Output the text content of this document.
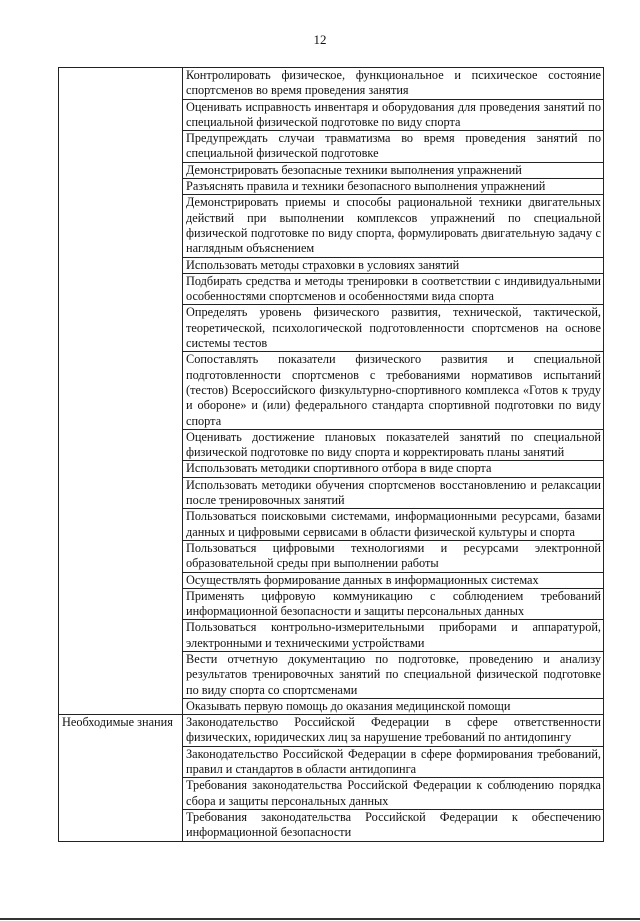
12
	Контролировать физическое, функциональное и психическое состояние спортсменов во время проведения занятия
	Оценивать исправность инвентаря и оборудования для проведения занятий по специальной физической подготовке по виду спорта
	Предупреждать случаи травматизма во время проведения занятий по специальной физической подготовке
	Демонстрировать безопасные техники выполнения упражнений
	Разъяснять правила и техники безопасного выполнения упражнений
	Демонстрировать приемы и способы рациональной техники двигательных действий при выполнении комплексов упражнений по специальной физической подготовке по виду спорта, формулировать двигательную задачу с наглядным объяснением
	Использовать методы страховки в условиях занятий
	Подбирать средства и методы тренировки в соответствии с индивидуальными особенностями спортсменов и особенностями вида спорта
	Определять уровень физического развития, технической, тактической, теоретической, психологической подготовленности спортсменов на основе системы тестов
	Сопоставлять показатели физического развития и специальной подготовленности спортсменов с требованиями нормативов испытаний (тестов) Всероссийского физкультурно-спортивного комплекса «Готов к труду и обороне» и (или) федерального стандарта спортивной подготовки по виду спорта
	Оценивать достижение плановых показателей занятий по специальной физической подготовке по виду спорта и корректировать планы занятий
	Использовать методики спортивного отбора в виде спорта
	Использовать методики обучения спортсменов восстановлению и релаксации после тренировочных занятий
	Пользоваться поисковыми системами, информационными ресурсами, базами данных и цифровыми сервисами в области физической культуры и спорта
	Пользоваться цифровыми технологиями и ресурсами электронной образовательной среды при выполнении работы
	Осуществлять формирование данных в информационных системах
	Применять цифровую коммуникацию с соблюдением требований информационной безопасности и защиты персональных данных
	Пользоваться контрольно-измерительными приборами и аппаратурой, электронными и техническими устройствами
	Вести отчетную документацию по подготовке, проведению и анализу результатов тренировочных занятий по специальной физической подготовке по виду спорта со спортсменами
	Оказывать первую помощь до оказания медицинской помощи
Необходимые знания	Законодательство Российской Федерации в сфере ответственности физических, юридических лиц за нарушение требований по антидопингу
	Законодательство Российской Федерации в сфере формирования требований, правил и стандартов в области антидопинга
	Требования законодательства Российской Федерации к соблюдению порядка сбора и защиты персональных данных
	Требования законодательства Российской Федерации к обеспечению информационной безопасности
